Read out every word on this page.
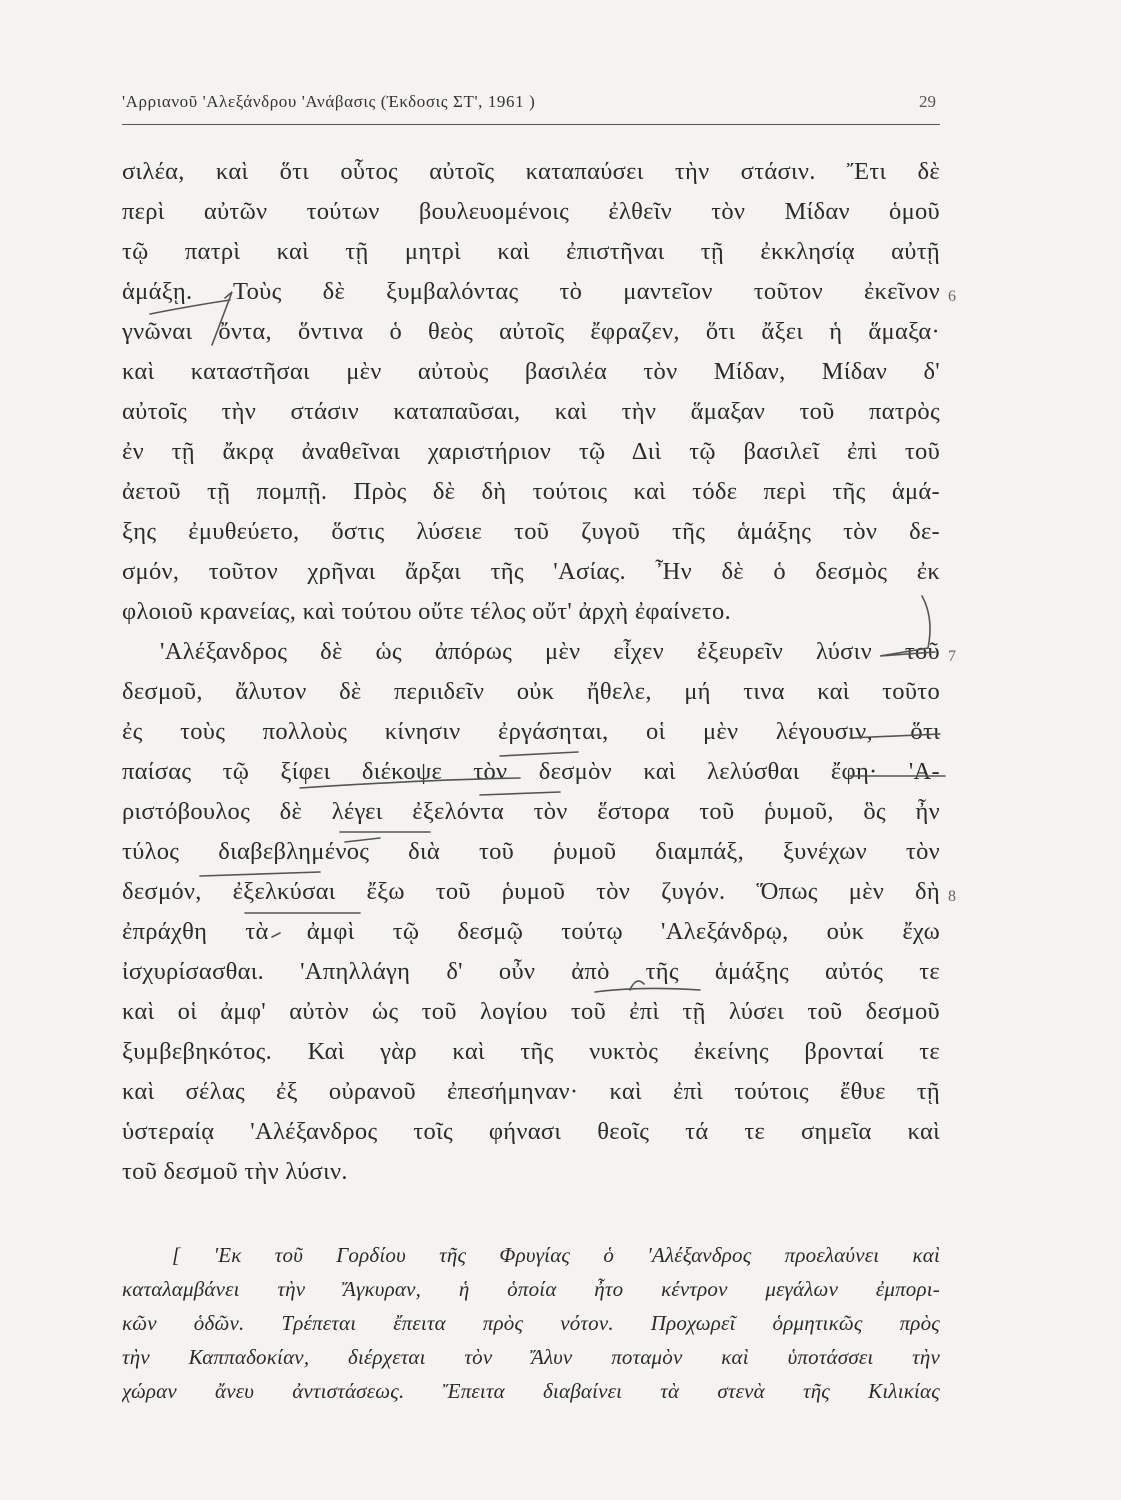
'Αρριανοῦ 'Αλεξάνδρου 'Ανάβασις (Έκδοσις ΣΤ', 1961 )	29
σιλέα, καὶ ὅτι οὗτος αὐτοῖς καταπαύσει τὴν στάσιν. Ἔτι δὲ
περὶ αὐτῶν τούτων βουλευομένοις ἐλθεῖν τὸν Μίδαν ὁμοῦ
τῷ πατρὶ καὶ τῇ μητρὶ καὶ ἐπιστῆναι τῇ ἐκκλησίᾳ αὐτῇ
ἁμάξῃ. Τοὺς δὲ ξυμβαλόντας τὸ μαντεῖον τοῦτον ἐκεῖνον
γνῶναι ὄντα, ὅντινα ὁ θεὸς αὐτοῖς ἔφραζεν, ὅτι ἄξει ἡ ἅμαξα·
καὶ καταστῆσαι μὲν αὐτοὺς βασιλέα τὸν Μίδαν, Μίδαν δ'
αὐτοῖς τὴν στάσιν καταπαῦσαι, καὶ τὴν ἅμαξαν τοῦ πατρὸς
ἐν τῇ ἄκρᾳ ἀναθεῖναι χαριστήριον τῷ Διὶ τῷ βασιλεῖ ἐπὶ τοῦ
ἀετοῦ τῇ πομπῇ. Πρὸς δὲ δὴ τούτοις καὶ τόδε περὶ τῆς ἁμά-
ξης ἐμυθεύετο, ὅστις λύσειε τοῦ ζυγοῦ τῆς ἁμάξης τὸν δε-
σμόν, τοῦτον χρῆναι ἄρξαι τῆς 'Ασίας. Ἦν δὲ ὁ δεσμὸς ἐκ
φλοιοῦ κρανείας, καὶ τούτου οὔτε τέλος οὔτ' ἀρχὴ ἐφαίνετο.
'Αλέξανδρος δὲ ὡς ἀπόρως μὲν εἶχεν ἐξευρεῖν λύσιν τοῦ
δεσμοῦ, ἄλυτον δὲ περιιδεῖν οὐκ ἤθελε, μή τινα καὶ τοῦτο
ἐς τοὺς πολλοὺς κίνησιν ἐργάσηται, οἱ μὲν λέγουσιν, ὅτι
παίσας τῷ ξίφει διέκοψε τὸν δεσμὸν καὶ λελύσθαι ἔφη· 'Α-
ριστόβουλος δὲ λέγει ἐξελόντα τὸν ἕστορα τοῦ ῥυμοῦ, ὃς ἦν
τύλος διαβεβλημένος διὰ τοῦ ῥυμοῦ διαμπάξ, ξυνέχων τὸν
δεσμόν, ἐξελκύσαι ἔξω τοῦ ῥυμοῦ τὸν ζυγόν. Ὅπως μὲν δὴ
ἐπράχθη τὰ ἀμφὶ τῷ δεσμῷ τούτῳ 'Αλεξάνδρῳ, οὐκ ἔχω
ἰσχυρίσασθαι. 'Απηλλάγη δ' οὖν ἀπὸ τῆς ἁμάξης αὐτός τε
καὶ οἱ ἀμφ' αὐτὸν ὡς τοῦ λογίου τοῦ ἐπὶ τῇ λύσει τοῦ δεσμοῦ
ξυμβεβηκότος. Καὶ γὰρ καὶ τῆς νυκτὸς ἐκείνης βρονταί τε
καὶ σέλας ἐξ οὐρανοῦ ἐπεσήμηναν· καὶ ἐπὶ τούτοις ἔθυε τῇ
ὑστεραίᾳ 'Αλέξανδρος τοῖς φήνασι θεοῖς τά τε σημεῖα καὶ
τοῦ δεσμοῦ τὴν λύσιν.
6
7
8
[ 'Εκ τοῦ Γορδίου τῆς Φρυγίας ὁ 'Αλέξανδρος προελαύνει καὶ
καταλαμβάνει τὴν Ἄγκυραν, ἡ ὁποία ἦτο κέντρον μεγάλων ἐμπορι-
κῶν ὁδῶν. Τρέπεται ἔπειτα πρὸς νότον. Προχωρεῖ ὁρμητικῶς πρὸς
τὴν Καππαδοκίαν, διέρχεται τὸν Ἄλυν ποταμὸν καὶ ὑποτάσσει τὴν
χώραν ἄνευ ἀντιστάσεως. Ἔπειτα διαβαίνει τὰ στενὰ τῆς Κιλικίας
